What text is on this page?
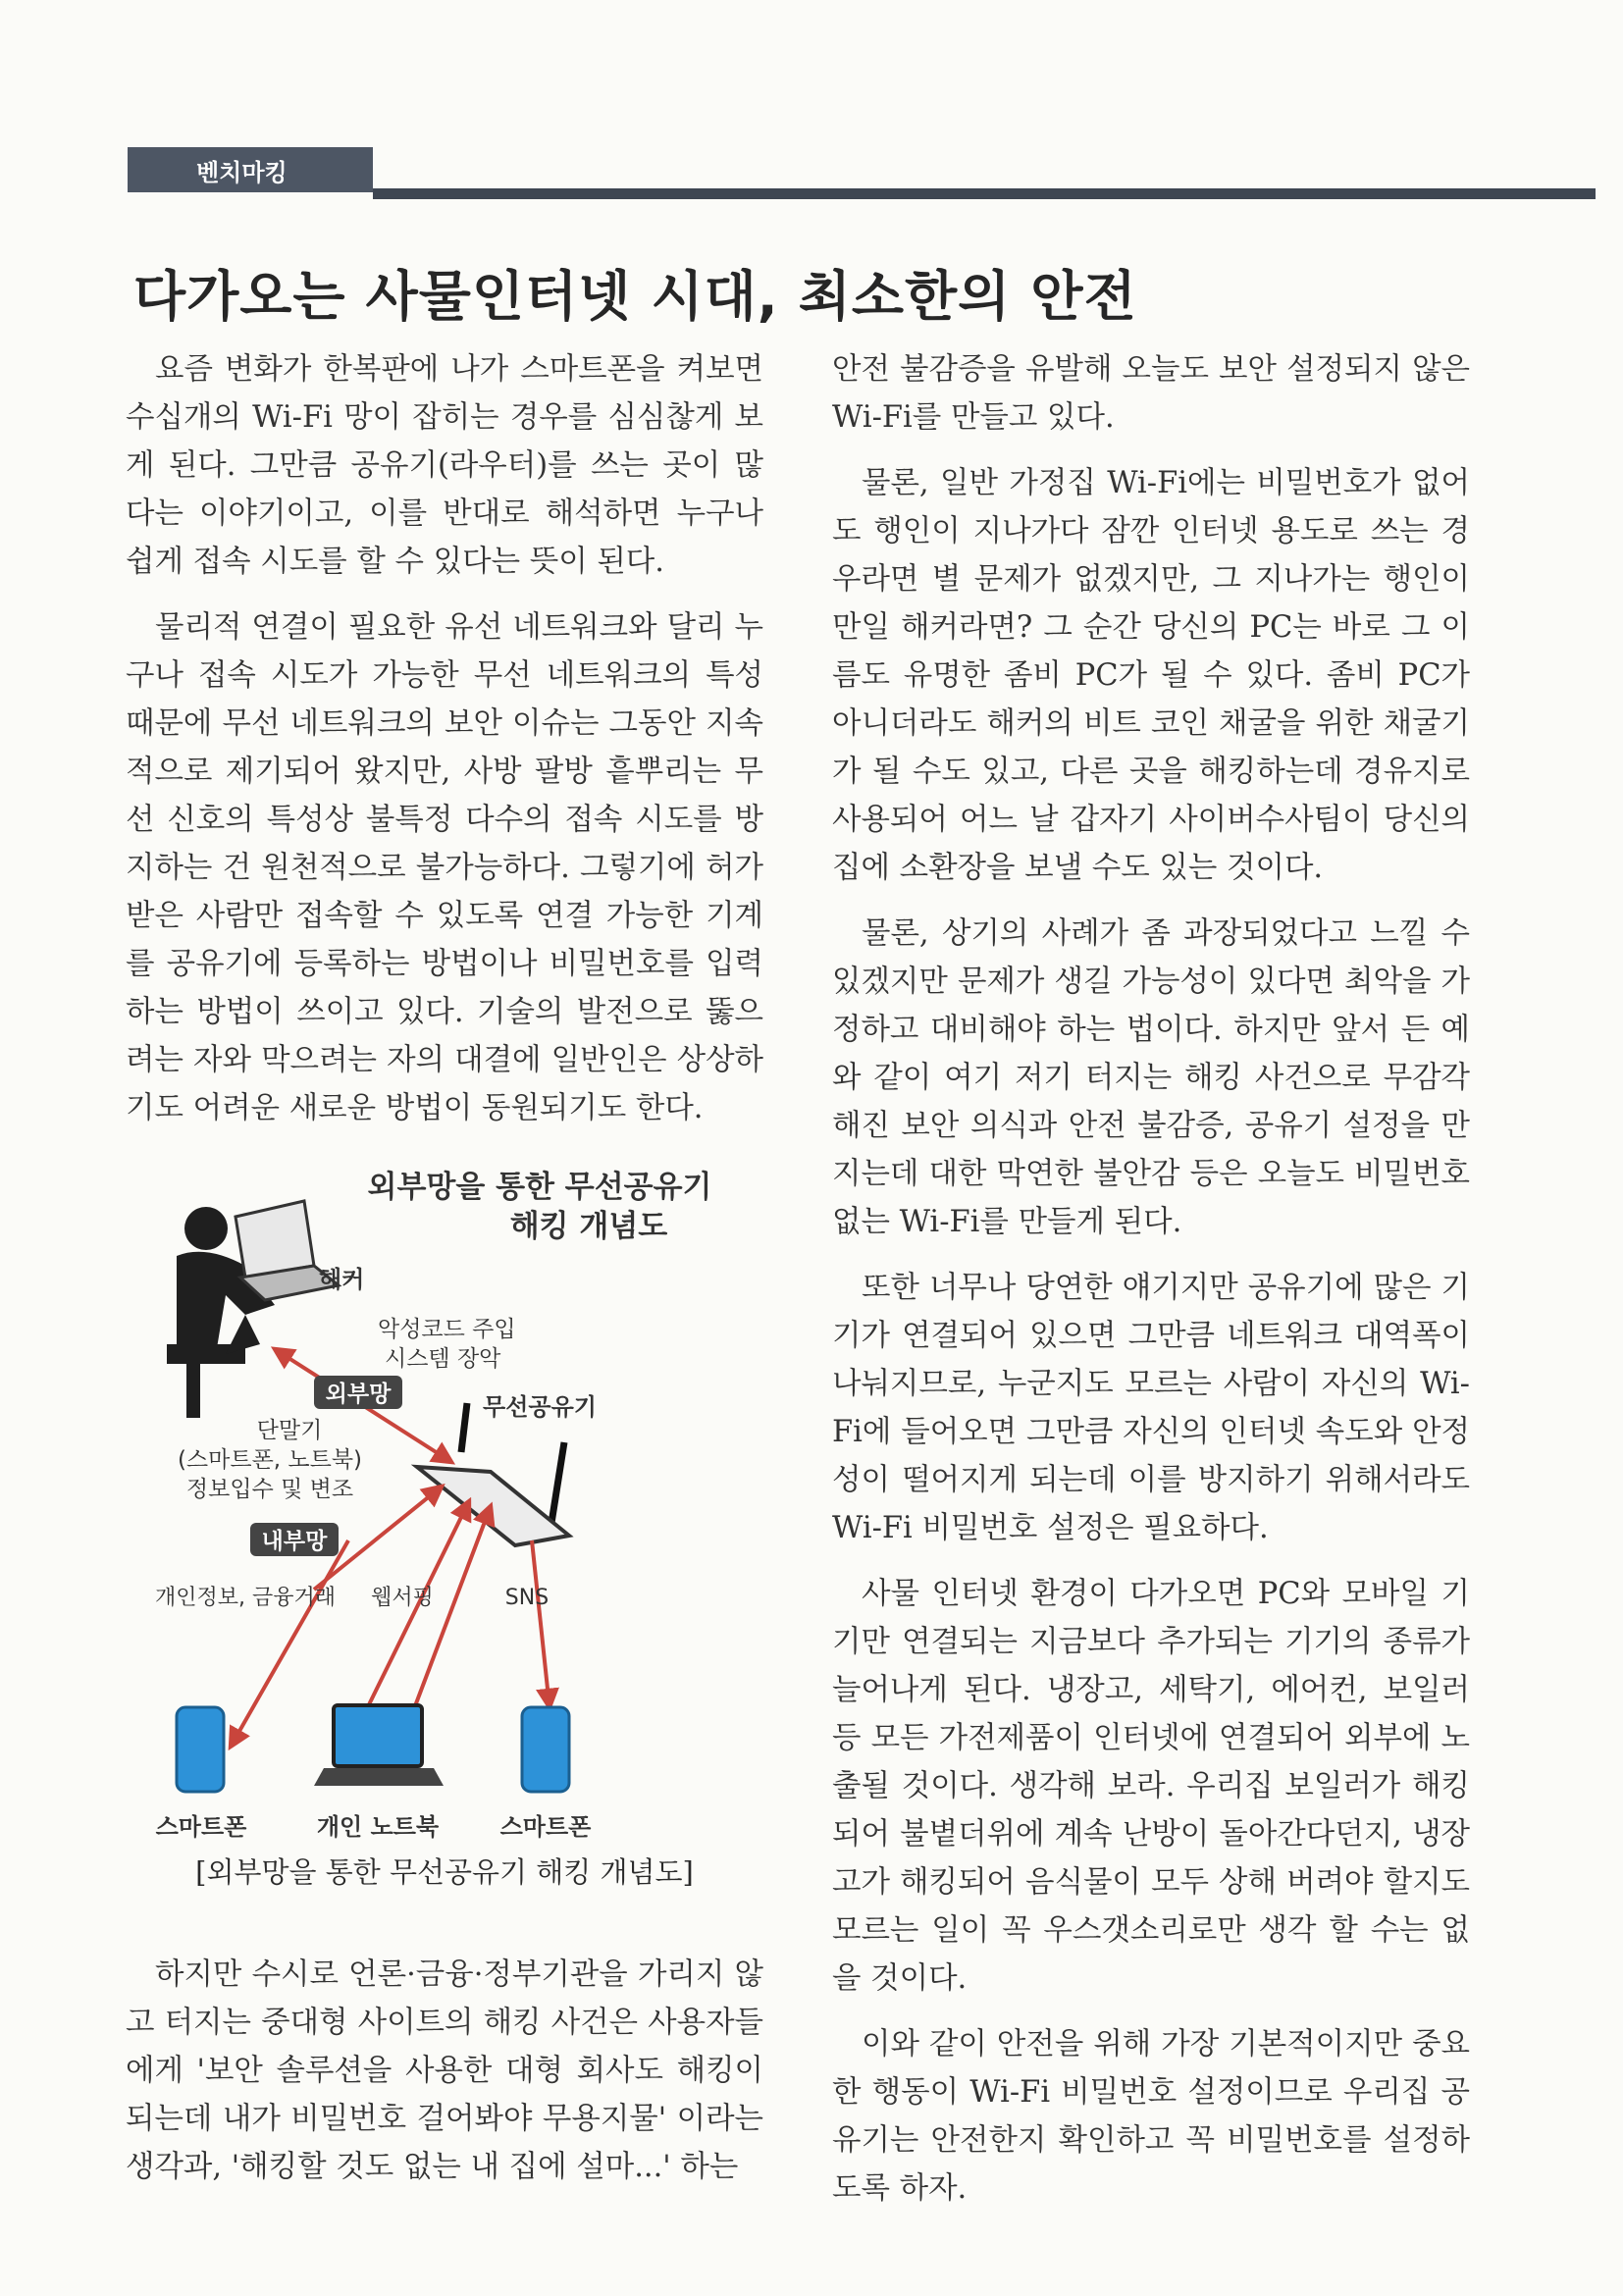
다가오는 사물인터넷 시대, 최소한의 안전

요즘 변화가 한복판에 나가 스마트폰을 켜보면 수십개의 Wi-Fi 망이 잡히는 경우를 심심찮게 보게 된다. 그만큼 공유기(라우터)를 쓰는 곳이 많다는 이야기이고, 이를 반대로 해석하면 누구나 쉽게 접속 시도를 할 수 있다는 뜻이 된다.

물리적 연결이 필요한 유선 네트워크와 달리 누구나 접속 시도가 가능한 무선 네트워크의 특성 때문에 무선 네트워크의 보안 이슈는 그동안 지속적으로 제기되어 왔지만, 사방 팔방 흩뿌리는 무선 신호의 특성상 불특정 다수의 접속 시도를 방지하는 건 원천적으로 불가능하다. 그렇기에 허가받은 사람만 접속할 수 있도록 연결 가능한 기계를 공유기에 등록하는 방법이나 비밀번호를 입력하는 방법이 쓰이고 있다. 기술의 발전으로 뚫으려는 자와 막으려는 자의 대결에 일반인은 상상하기도 어려운 새로운 방법이 동원되기도 한다.

외부망을 통한 무선공유기
해킹 개념도
해커
악성코드 주입
시스템 장악
외부망	무선공유기
단말기
(스마트폰, 노트북)
정보입수 및 변조
내부망
개인정보, 금융거래 웹서핑	SNS
스마트폰	개인 노트북	스마트폰
[외부망을 통한 무선공유기 해킹 개념도]

하지만 수시로 언론·금융·정부기관을 가리지 않고 터지는 중대형 사이트의 해킹 사건은 사용자들에게 '보안 솔루션을 사용한 대형 회사도 해킹이 되는데 내가 비밀번호 걸어봐야 무용지물' 이라는 생각과, '해킹할 것도 없는 내 집에 설마...' 하는

안전 불감증을 유발해 오늘도 보안 설정되지 않은 Wi-Fi를 만들고 있다.

물론, 일반 가정집 Wi-Fi에는 비밀번호가 없어도 행인이 지나가다 잠깐 인터넷 용도로 쓰는 경우라면 별 문제가 없겠지만, 그 지나가는 행인이 만일 해커라면? 그 순간 당신의 PC는 바로 그 이름도 유명한 좀비 PC가 될 수 있다. 좀비 PC가 아니더라도 해커의 비트 코인 채굴을 위한 채굴기가 될 수도 있고, 다른 곳을 해킹하는데 경유지로 사용되어 어느 날 갑자기 사이버수사팀이 당신의 집에 소환장을 보낼 수도 있는 것이다.

물론, 상기의 사례가 좀 과장되었다고 느낄 수 있겠지만 문제가 생길 가능성이 있다면 최악을 가정하고 대비해야 하는 법이다. 하지만 앞서 든 예와 같이 여기 저기 터지는 해킹 사건으로 무감각해진 보안 의식과 안전 불감증, 공유기 설정을 만지는데 대한 막연한 불안감 등은 오늘도 비밀번호 없는 Wi-Fi를 만들게 된다.

또한 너무나 당연한 얘기지만 공유기에 많은 기기가 연결되어 있으면 그만큼 네트워크 대역폭이 나눠지므로, 누군지도 모르는 사람이 자신의 Wi-Fi에 들어오면 그만큼 자신의 인터넷 속도와 안정성이 떨어지게 되는데 이를 방지하기 위해서라도 Wi-Fi 비밀번호 설정은 필요하다.

사물 인터넷 환경이 다가오면 PC와 모바일 기기만 연결되는 지금보다 추가되는 기기의 종류가 늘어나게 된다. 냉장고, 세탁기, 에어컨, 보일러 등 모든 가전제품이 인터넷에 연결되어 외부에 노출될 것이다. 생각해 보라. 우리집 보일러가 해킹되어 불볕더위에 계속 난방이 돌아간다던지, 냉장고가 해킹되어 음식물이 모두 상해 버려야 할지도 모르는 일이 꼭 우스갯소리로만 생각 할 수는 없을 것이다.

이와 같이 안전을 위해 가장 기본적이지만 중요한 행동이 Wi-Fi 비밀번호 설정이므로 우리집 공유기는 안전한지 확인하고 꼭 비밀번호를 설정하도록 하자.
